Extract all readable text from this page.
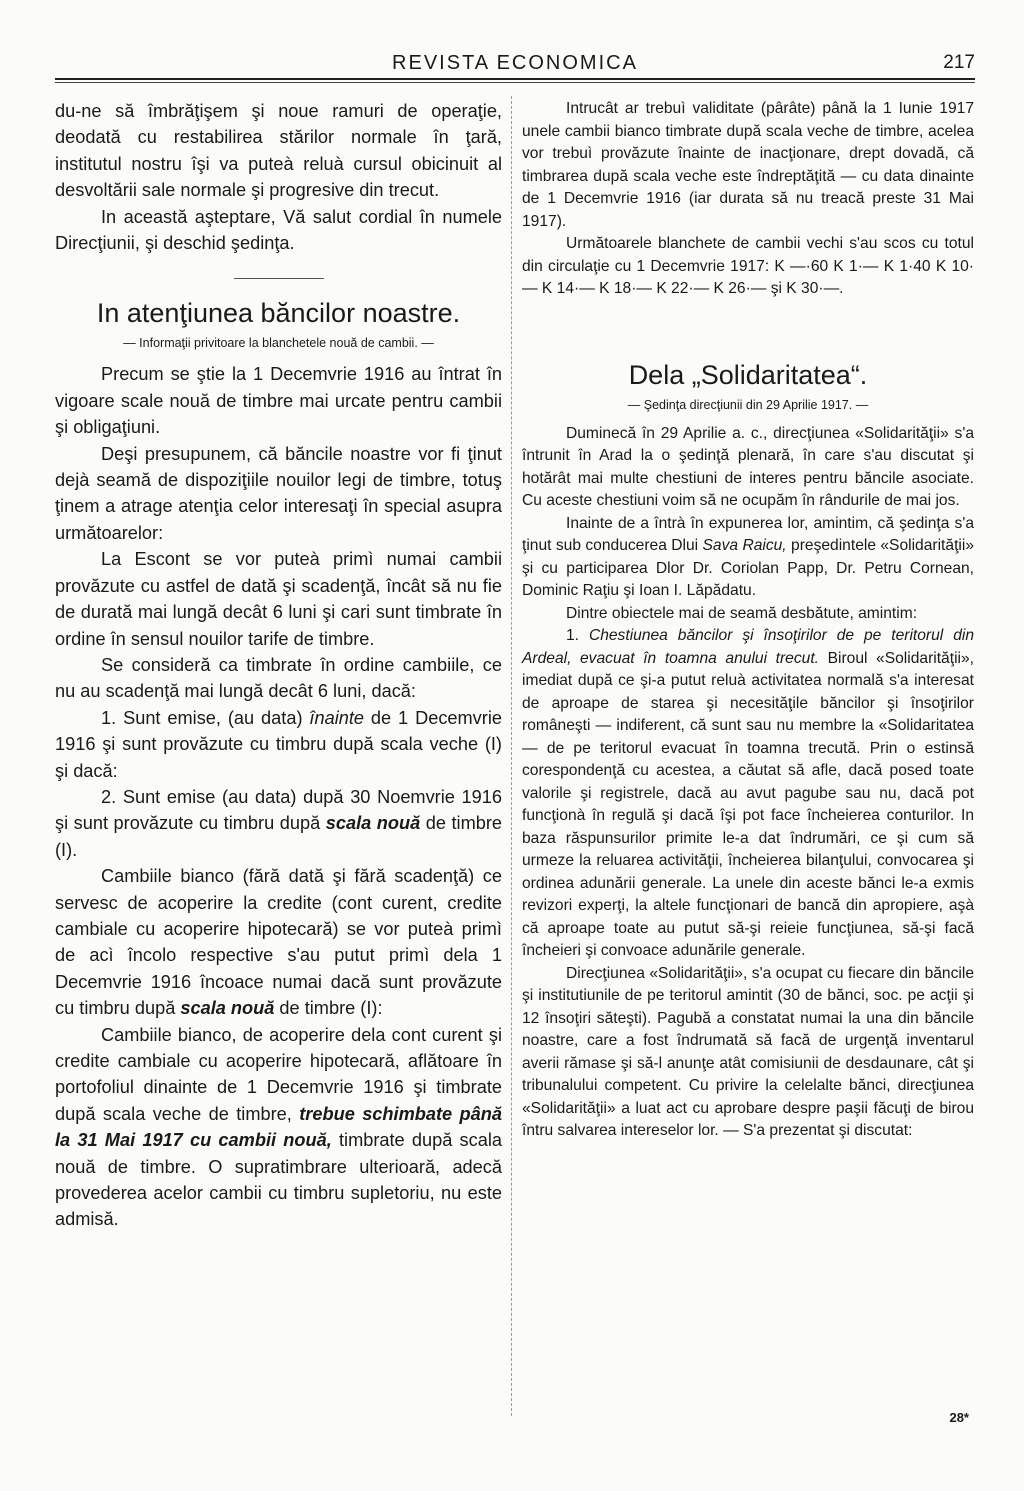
REVISTA ECONOMICA	217

du-ne să îmbrăţişem şi noue ramuri de operaţie, deodată cu restabilirea stărilor normale în ţară, institutul nostru îşi va puteà reluà cursul obicinuit al desvoltării sale normale şi progresive din trecut.

In această aşteptare, Vă salut cordial în numele Direcţiunii, şi deschid şedinţa.

In atenţiunea băncilor noastre.
— Informaţii privitoare la blanchetele nouă de cambii. —

Precum se ştie la 1 Decemvrie 1916 au întrat în vigoare scale nouă de timbre mai urcate pentru cambii şi obligaţiuni.

Deşi presupunem, că băncile noastre vor fi ţinut dejà seamă de dispoziţiile nouilor legi de timbre, totuş ţinem a atrage atenţia celor interesaţi în special asupra următoarelor:

La Escont se vor puteà primì numai cambii provăzute cu astfel de dată şi scadenţă, încât să nu fie de durată mai lungă decât 6 luni şi cari sunt timbrate în ordine în sensul nouilor tarife de timbre.

Se consideră ca timbrate în ordine cambiile, ce nu au scadenţă mai lungă decât 6 luni, dacă:

1. Sunt emise, (au data) înainte de 1 Decemvrie 1916 şi sunt provăzute cu timbru după scala veche (I) şi dacă:

2. Sunt emise (au data) după 30 Noemvrie 1916 şi sunt provăzute cu timbru după scala nouă de timbre (I).

Cambiile bianco (fără dată şi fără scadenţă) ce servesc de acoperire la credite (cont curent, credite cambiale cu acoperire hipotecară) se vor puteà primì de acì încolo respective s'au putut primì dela 1 Decemvrie 1916 încoace numai dacă sunt provăzute cu timbru după scala nouă de timbre (I):

Cambiile bianco, de acoperire dela cont curent şi credite cambiale cu acoperire hipotecară, aflătoare în portofoliul dinainte de 1 Decemvrie 1916 şi timbrate după scala veche de timbre, trebue schimbate până la 31 Mai 1917 cu cambii nouă, timbrate după scala nouă de timbre. O supratimbrare ulterioară, adecă provederea acelor cambii cu timbru supletoriu, nu este admisă.

Intrucât ar trebuì validitate (pârâte) până la 1 Iunie 1917 unele cambii bianco timbrate după scala veche de timbre, acelea vor trebuì provăzute înainte de inacţionare, drept dovadă, că timbrarea după scala veche este îndreptăţită — cu data dinainte de 1 Decemvrie 1916 (iar durata să nu treacă preste 31 Mai 1917).

Următoarele blanchete de cambii vechi s'au scos cu totul din circulaţie cu 1 Decemvrie 1917: K —·60 K 1·— K 1·40 K 10·— K 14·— K 18·— K 22·— K 26·— şi K 30·—.

Dela „Solidaritatea“.
— Şedinţa direcţiunii din 29 Aprilie 1917. —

Duminecă în 29 Aprilie a. c., direcţiunea «Solidarităţii» s'a întrunit în Arad la o şedinţă plenară, în care s'au discutat şi hotărât mai multe chestiuni de interes pentru băncile asociate. Cu aceste chestiuni voim să ne ocupăm în rândurile de mai jos.

Inainte de a întrà în expunerea lor, amintim, că şedinţa s'a ţinut sub conducerea Dlui Sava Raicu, preşedintele «Solidarităţii» şi cu participarea Dlor Dr. Coriolan Papp, Dr. Petru Cornean, Dominic Raţiu şi Ioan I. Lăpădatu.

Dintre obiectele mai de seamă desbătute, amintim:

1. Chestiunea băncilor şi însoţirilor de pe teritorul din Ardeal, evacuat în toamna anului trecut. Biroul «Solidarităţii», imediat după ce şi-a putut reluà activitatea normală s'a interesat de aproape de starea şi necesităţile băncilor şi însoţirilor româneşti — indiferent, că sunt sau nu membre la «Solidaritatea — de pe teritorul evacuat în toamna trecută. Prin o estinsă corespondenţă cu acestea, a căutat să afle, dacă posed toate valorile şi registrele, dacă au avut pagube sau nu, dacă pot funcţionà în regulă şi dacă îşi pot face încheierea conturilor. In baza răspunsurilor primite le-a dat îndrumări, ce şi cum să urmeze la reluarea activităţii, încheierea bilanţului, convocarea şi ordinea adunării generale. La unele din aceste bănci le-a exmis revizori experţi, la altele funcţionari de bancă din apropiere, aşà că aproape toate au putut să-şi reieie funcţiunea, să-şi facă încheieri şi convoace adunările generale.

Direcţiunea «Solidarităţii», s'a ocupat cu fiecare din băncile şi institutiunile de pe teritorul amintit (30 de bănci, soc. pe acţii şi 12 însoţiri săteşti). Pagubă a constatat numai la una din băncile noastre, care a fost îndrumată să facă de urgenţă inventarul averii rămase şi să-l anunţe atât comisiunii de desdaunare, cât şi tribunalului competent. Cu privire la celelalte bănci, direcţiunea «Solidarităţii» a luat act cu aprobare despre paşii făcuţi de birou întru salvarea intereselor lor. — S'a prezentat şi discutat:

28*
